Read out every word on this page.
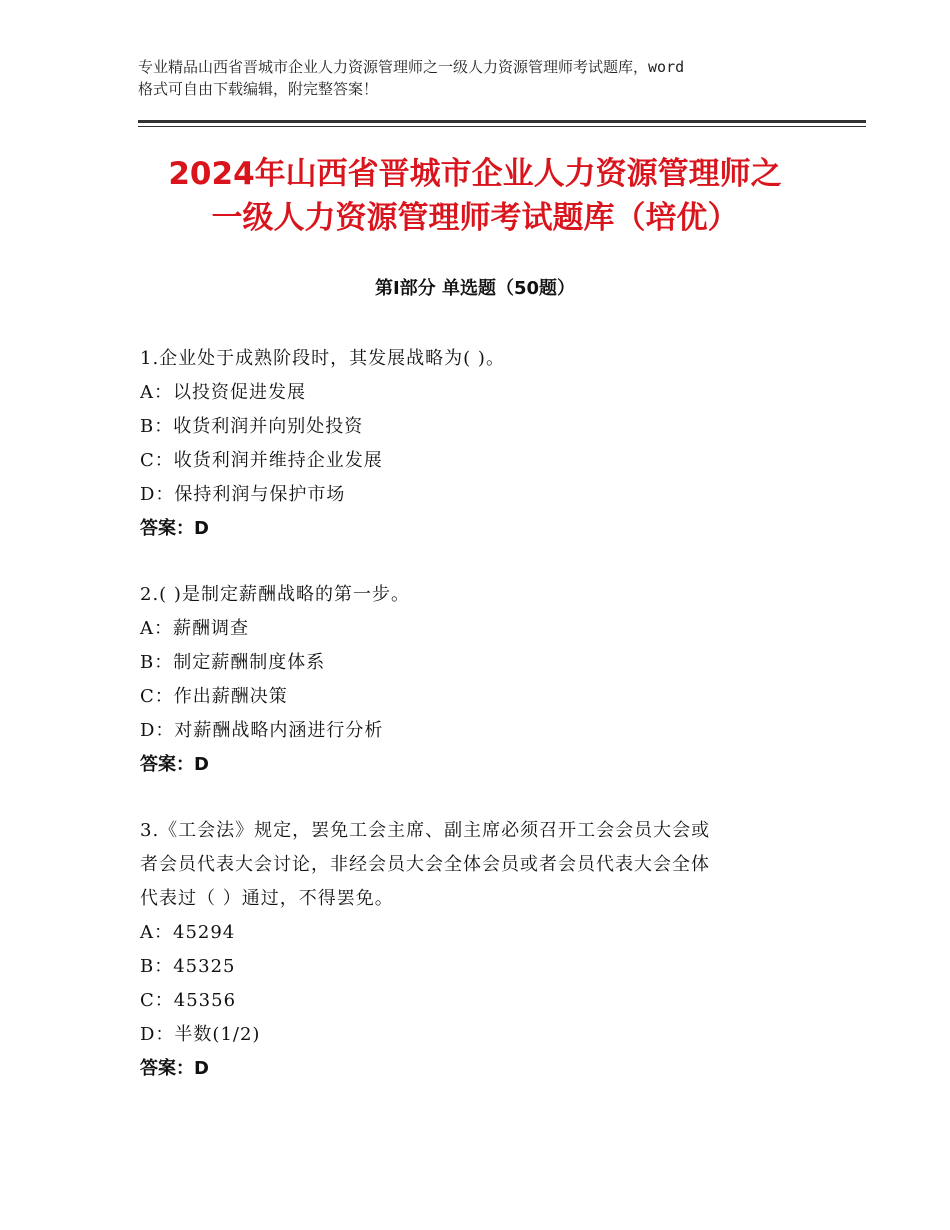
专业精品山西省晋城市企业人力资源管理师之一级人力资源管理师考试题库，word
格式可自由下载编辑，附完整答案！
2024年山西省晋城市企业人力资源管理师之
一级人力资源管理师考试题库（培优）
第Ⅰ部分 单选题（50题）
1.企业处于成熟阶段时，其发展战略为( )。
A：以投资促进发展
B：收货利润并向别处投资
C：收货利润并维持企业发展
D：保持利润与保护市场
答案：D
2.( )是制定薪酬战略的第一步。
A：薪酬调查
B：制定薪酬制度体系
C：作出薪酬决策
D：对薪酬战略内涵进行分析
答案：D
3.《工会法》规定，罢免工会主席、副主席必须召开工会会员大会或
者会员代表大会讨论，非经会员大会全体会员或者会员代表大会全体
代表过（ ）通过，不得罢免。
A：45294
B：45325
C：45356
D：半数(1/2)
答案：D
